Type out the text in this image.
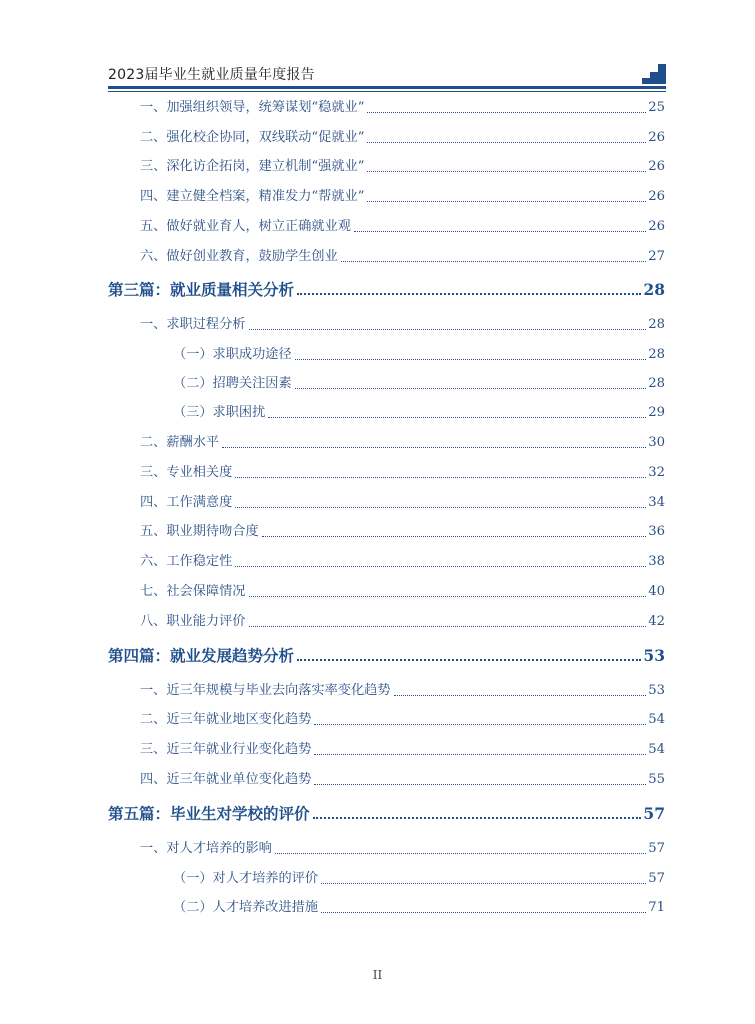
2023届毕业生就业质量年度报告
一、加强组织领导，统筹谋划“稳就业”	25
二、强化校企协同，双线联动“促就业”	26
三、深化访企拓岗，建立机制“强就业”	26
四、建立健全档案，精准发力“帮就业”	26
五、做好就业育人，树立正确就业观	26
六、做好创业教育，鼓励学生创业	27
第三篇：就业质量相关分析	28
一、求职过程分析	28
（一）求职成功途径	28
（二）招聘关注因素	28
（三）求职困扰	29
二、薪酬水平	30
三、专业相关度	32
四、工作满意度	34
五、职业期待吻合度	36
六、工作稳定性	38
七、社会保障情况	40
八、职业能力评价	42
第四篇：就业发展趋势分析	53
一、近三年规模与毕业去向落实率变化趋势	53
二、近三年就业地区变化趋势	54
三、近三年就业行业变化趋势	54
四、近三年就业单位变化趋势	55
第五篇：毕业生对学校的评价	57
一、对人才培养的影响	57
（一）对人才培养的评价	57
（二）人才培养改进措施	71
II
